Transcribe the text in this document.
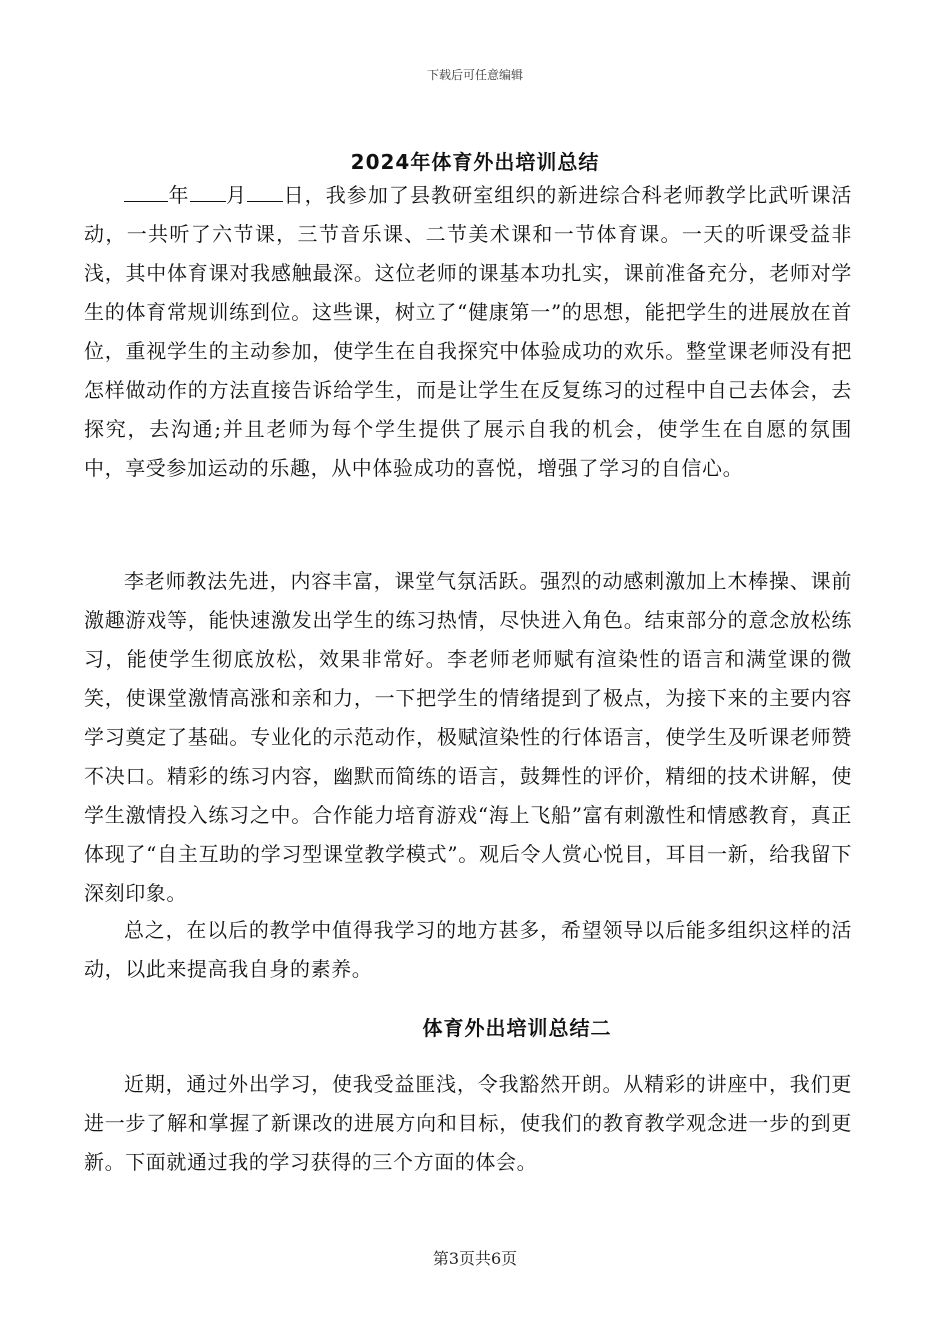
下载后可任意编辑
2024年体育外出培训总结
年 月 日，我参加了县教研室组织的新进综合科老师教学比武听课活动，一共听了六节课，三节音乐课、二节美术课和一节体育课。一天的听课受益非浅，其中体育课对我感触最深。这位老师的课基本功扎实，课前准备充分，老师对学生的体育常规训练到位。这些课，树立了“健康第一”的思想，能把学生的进展放在首位，重视学生的主动参加，使学生在自我探究中体验成功的欢乐。整堂课老师没有把怎样做动作的方法直接告诉给学生，而是让学生在反复练习的过程中自己去体会，去探究，去沟通;并且老师为每个学生提供了展示自我的机会，使学生在自愿的氛围中，享受参加运动的乐趣，从中体验成功的喜悦，增强了学习的自信心。
李老师教法先进，内容丰富，课堂气氛活跃。强烈的动感刺激加上木棒操、课前激趣游戏等，能快速激发出学生的练习热情，尽快进入角色。结束部分的意念放松练习，能使学生彻底放松，效果非常好。李老师老师赋有渲染性的语言和满堂课的微笑，使课堂激情高涨和亲和力，一下把学生的情绪提到了极点，为接下来的主要内容学习奠定了基础。专业化的示范动作，极赋渲染性的行体语言，使学生及听课老师赞不决口。精彩的练习内容，幽默而简练的语言，鼓舞性的评价，精细的技术讲解，使学生激情投入练习之中。合作能力培育游戏“海上飞船”富有刺激性和情感教育，真正体现了“自主互助的学习型课堂教学模式”。观后令人赏心悦目，耳目一新，给我留下深刻印象。
总之，在以后的教学中值得我学习的地方甚多，希望领导以后能多组织这样的活动，以此来提高我自身的素养。
体育外出培训总结二
近期，通过外出学习，使我受益匪浅，令我豁然开朗。从精彩的讲座中，我们更进一步了解和掌握了新课改的进展方向和目标，使我们的教育教学观念进一步的到更新。下面就通过我的学习获得的三个方面的体会。
第3页共6页
